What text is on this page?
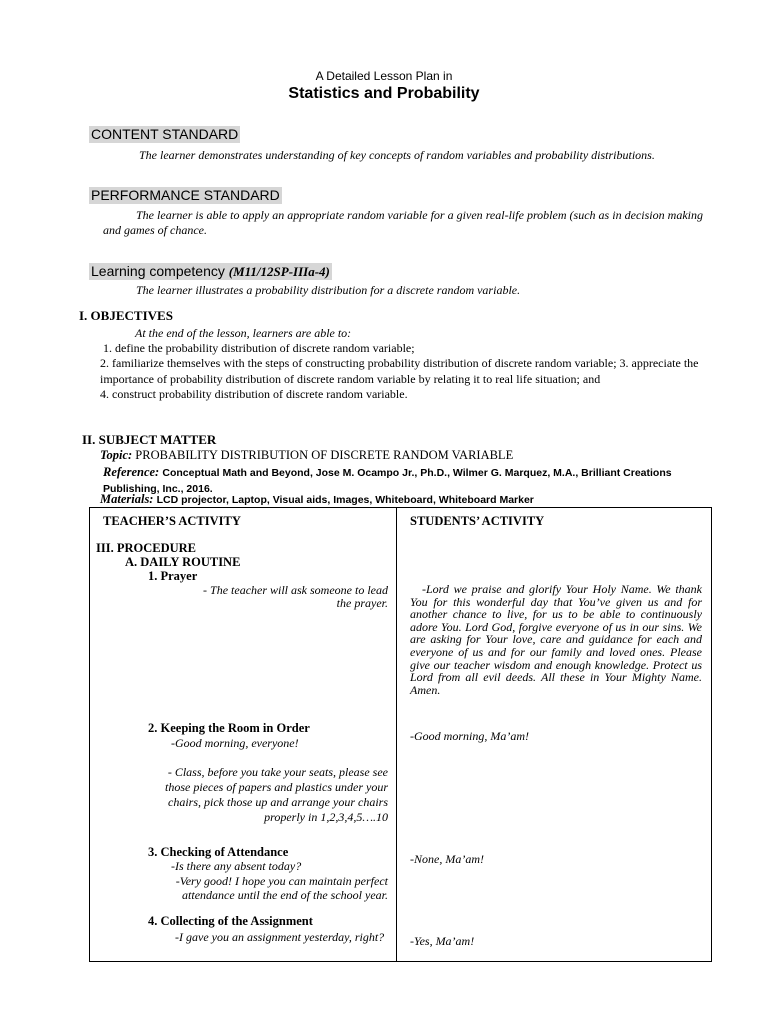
A Detailed Lesson Plan in
Statistics and Probability
CONTENT STANDARD
The learner demonstrates understanding of key concepts of random variables and probability distributions.
PERFORMANCE STANDARD
The learner is able to apply an appropriate random variable for a given real-life problem (such as in decision making and games of chance.
Learning competency (M11/12SP-IIIa-4)
The learner illustrates a probability distribution for a discrete random variable.
I. OBJECTIVES
At the end of the lesson, learners are able to:
1. define the probability distribution of discrete random variable;
2. familiarize themselves with the steps of constructing probability distribution of discrete random variable; 3. appreciate the importance of probability distribution of discrete random variable by relating it to real life situation; and
4. construct probability distribution of discrete random variable.
II. SUBJECT MATTER
Topic: PROBABILITY DISTRIBUTION OF DISCRETE RANDOM VARIABLE
Reference: Conceptual Math and Beyond, Jose M. Ocampo Jr., Ph.D., Wilmer G. Marquez, M.A., Brilliant Creations Publishing, Inc., 2016.
Materials: LCD projector, Laptop, Visual aids, Images, Whiteboard, Whiteboard Marker
TEACHER’S ACTIVITY	STUDENTS’ ACTIVITY
III. PROCEDURE
A. DAILY ROUTINE
1. Prayer
- The teacher will ask someone to lead the prayer.
-Lord we praise and glorify Your Holy Name. We thank You for this wonderful day that You’ve given us and for another chance to live, for us to be able to continuously adore You. Lord God, forgive everyone of us in our sins. We are asking for Your love, care and guidance for each and everyone of us and for our family and loved ones. Please give our teacher wisdom and enough knowledge. Protect us Lord from all evil deeds. All these in Your Mighty Name. Amen.
2. Keeping the Room in Order
-Good morning, everyone!
- Class, before you take your seats, please see those pieces of papers and plastics under your chairs, pick those up and arrange your chairs properly in 1,2,3,4,5….10
-Good morning, Ma’am!
3. Checking of Attendance
-Is there any absent today?
-Very good! I hope you can maintain perfect attendance until the end of the school year.
-None, Ma’am!
4. Collecting of the Assignment
-I gave you an assignment yesterday, right?	-Yes, Ma’am!
